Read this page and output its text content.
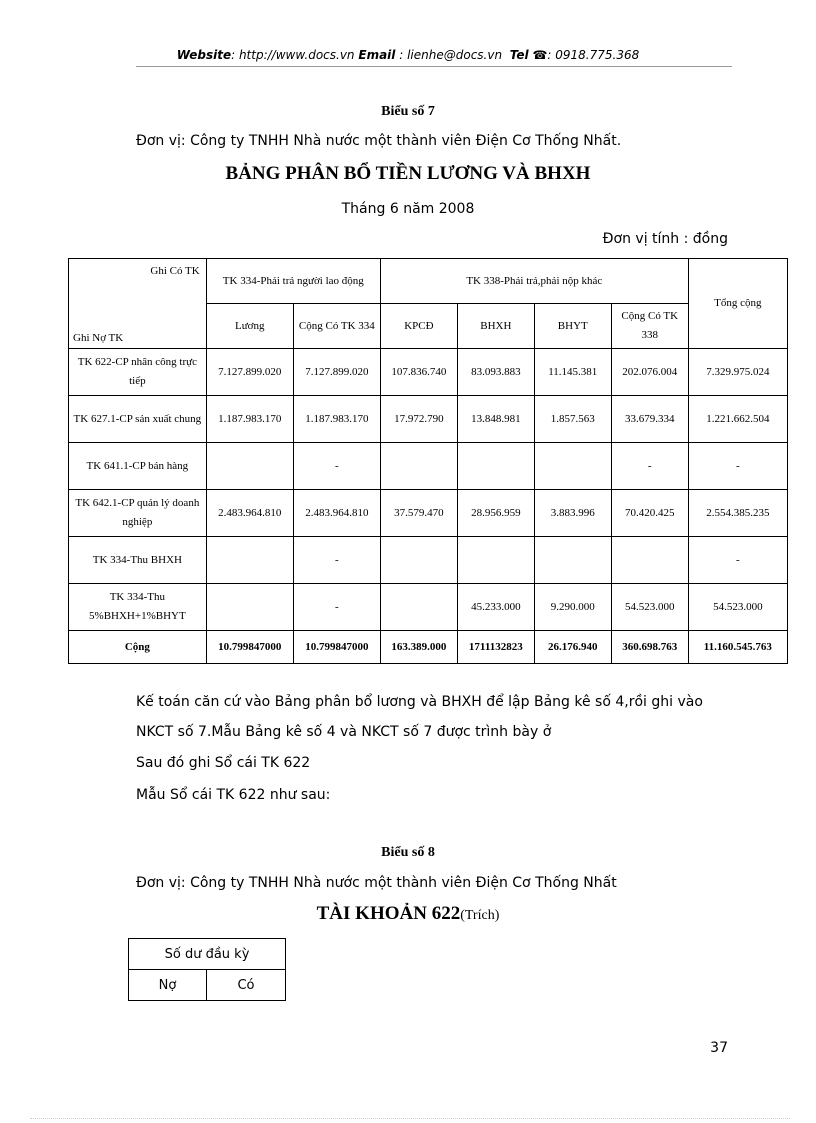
Website: http://www.docs.vn Email : lienhe@docs.vn Tel ☎: 0918.775.368
Biểu số 7
Đơn vị: Công ty TNHH Nhà nước một thành viên Điện Cơ Thống Nhất.
BẢNG PHÂN BỔ TIỀN LƯƠNG VÀ BHXH
Tháng 6 năm 2008
Đơn vị tính : đồng
Ghi Có TK
Ghi Nợ TK	TK 334-Phải trả người lao động		TK 338-Phải trả,phải nộp khác				Tổng cộng
	Lương	Cộng Có TK 334	KPCĐ	BHXH	BHYT	Cộng Có TK 338	
TK 622-CP nhân công trực tiếp	7.127.899.020	7.127.899.020	107.836.740	83.093.883	11.145.381	202.076.004	7.329.975.024
TK 627.1-CP sản xuất chung	1.187.983.170	1.187.983.170	17.972.790	13.848.981	1.857.563	33.679.334	1.221.662.504
TK 641.1-CP bán hàng		-				-	-
TK 642.1-CP quản lý doanh nghiệp	2.483.964.810	2.483.964.810	37.579.470	28.956.959	3.883.996	70.420.425	2.554.385.235
TK 334-Thu BHXH		-					-
TK 334-Thu 5%BHXH+1%BHYT		-		45.233.000	9.290.000	54.523.000	54.523.000
Cộng	10.799847000	10.799847000	163.389.000	1711132823	26.176.940	360.698.763	11.160.545.763
Kế toán căn cứ vào Bảng phân bổ lương và BHXH để lập Bảng kê số 4,rồi ghi vào
NKCT số 7.Mẫu Bảng kê số 4 và NKCT số 7 được trình bày ở
Sau đó ghi Sổ cái TK 622
Mẫu Sổ cái TK 622 như sau:
Biểu số 8
Đơn vị: Công ty TNHH Nhà nước một thành viên Điện Cơ Thống Nhất
TÀI KHOẢN 622(Trích)
Số dư đầu kỳ
Nợ	Có
37
